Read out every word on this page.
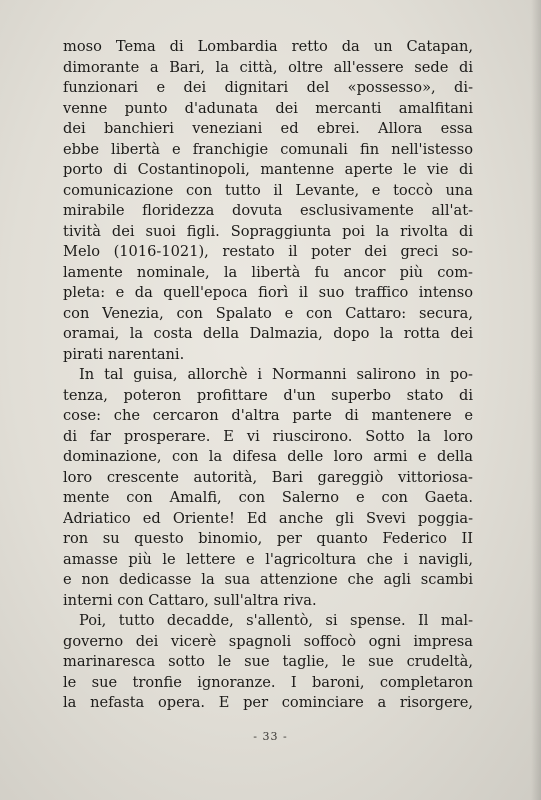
moso Tema di Lombardia retto da un Catapan,
dimorante a Bari, la città, oltre all'essere sede di
funzionari e dei dignitari del «possesso», di-
venne punto d'adunata dei mercanti amalfitani
dei banchieri veneziani ed ebrei. Allora essa
ebbe libertà e franchigie comunali fin nell'istesso
porto di Costantinopoli, mantenne aperte le vie di
comunicazione con tutto il Levante, e toccò una
mirabile floridezza dovuta esclusivamente all'at-
tività dei suoi figli. Sopraggiunta poi la rivolta di
Melo (1016-1021), restato il poter dei greci so-
lamente nominale, la libertà fu ancor più com-
pleta: e da quell'epoca fiorì il suo traffico intenso
con Venezia, con Spalato e con Cattaro: secura,
oramai, la costa della Dalmazia, dopo la rotta dei
pirati narentani.
In tal guisa, allorchè i Normanni salirono in po-
tenza, poteron profittare d'un superbo stato di
cose: che cercaron d'altra parte di mantenere e
di far prosperare. E vi riuscirono. Sotto la loro
dominazione, con la difesa delle loro armi e della
loro crescente autorità, Bari gareggiò vittoriosa-
mente con Amalfi, con Salerno e con Gaeta.
Adriatico ed Oriente! Ed anche gli Svevi poggia-
ron su questo binomio, per quanto Federico II
amasse più le lettere e l'agricoltura che i navigli,
e non dedicasse la sua attenzione che agli scambi
interni con Cattaro, sull'altra riva.
Poi, tutto decadde, s'allentò, si spense. Il mal-
governo dei vicerè spagnoli soffocò ogni impresa
marinaresca sotto le sue taglie, le sue crudeltà,
le sue tronfie ignoranze. I baroni, completaron
la nefasta opera. E per cominciare a risorgere,
- 33 -
